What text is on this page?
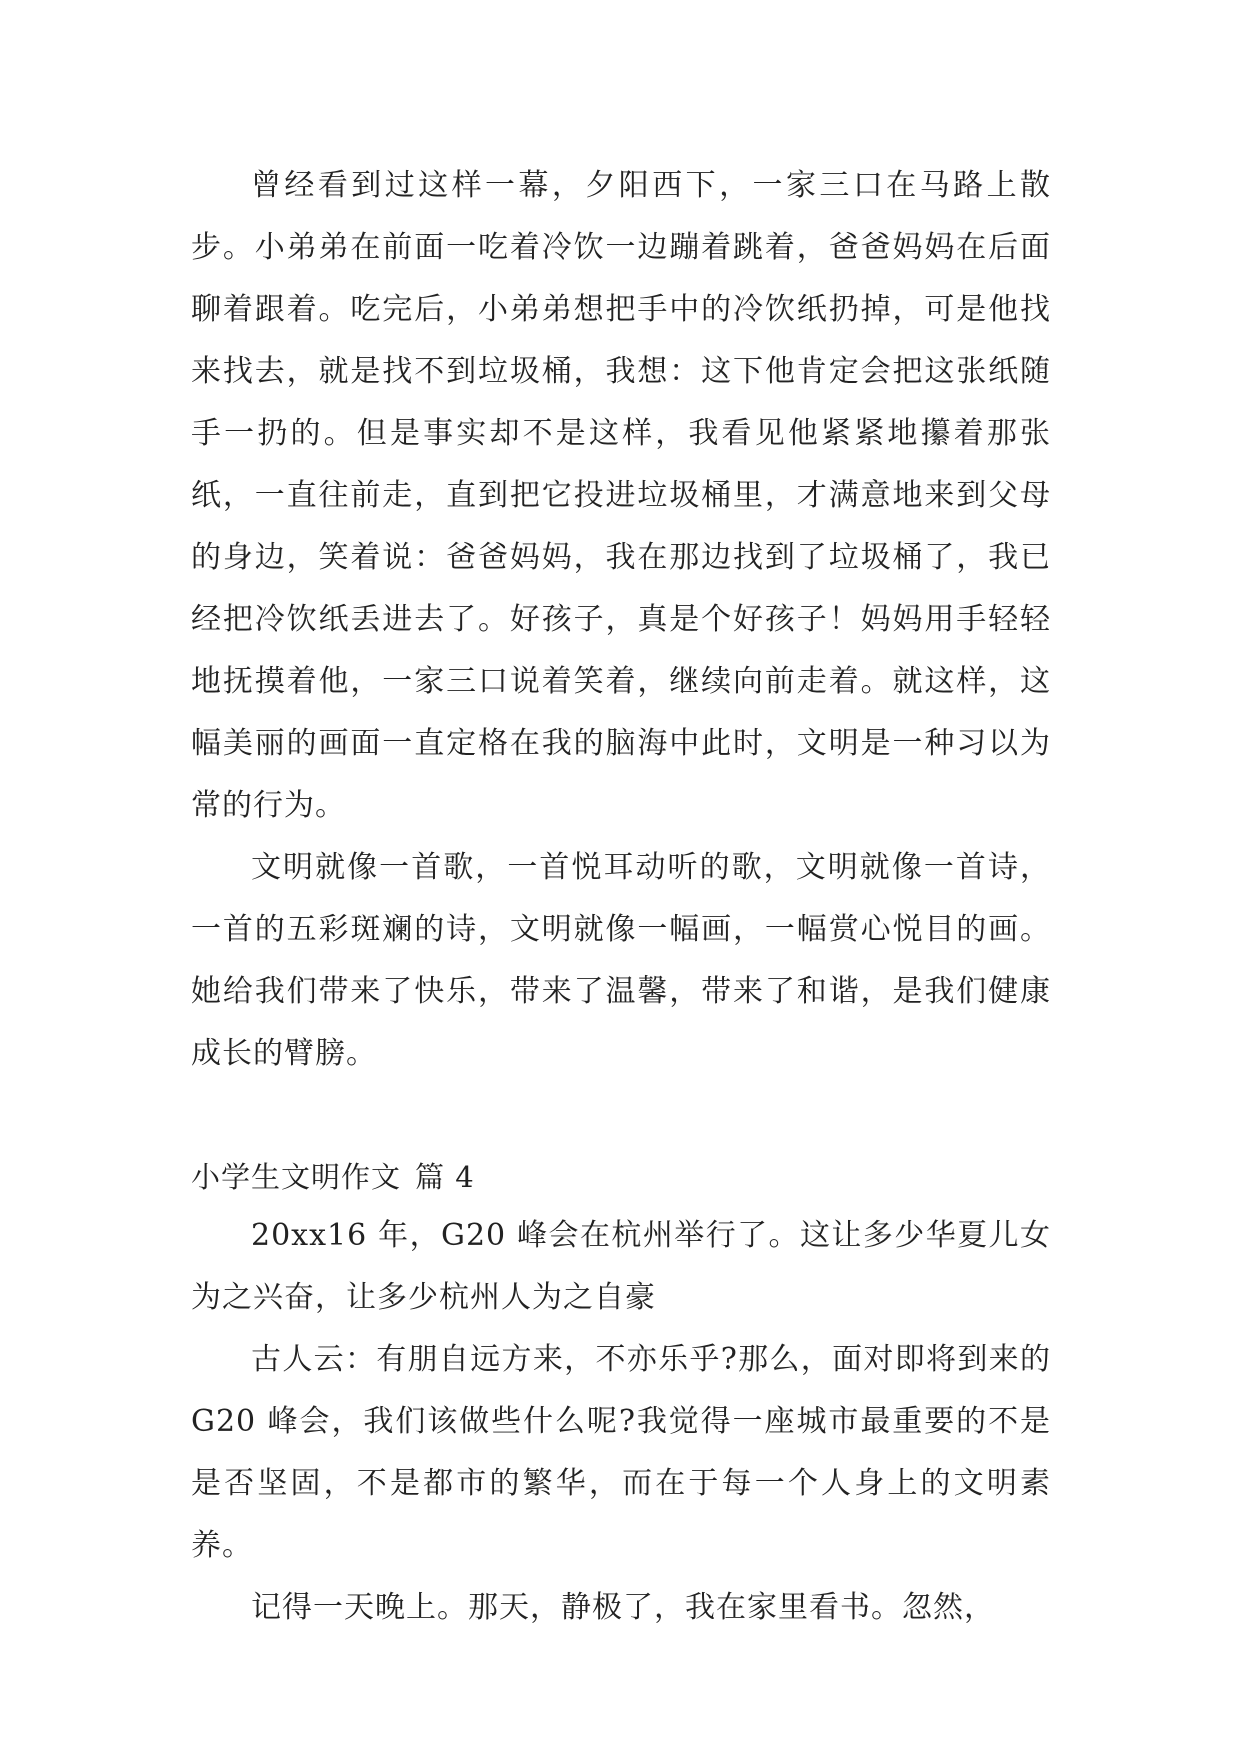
曾经看到过这样一幕，夕阳西下，一家三口在马路上散步。小弟弟在前面一吃着冷饮一边蹦着跳着，爸爸妈妈在后面聊着跟着。吃完后，小弟弟想把手中的冷饮纸扔掉，可是他找来找去，就是找不到垃圾桶，我想：这下他肯定会把这张纸随手一扔的。但是事实却不是这样，我看见他紧紧地攥着那张纸，一直往前走，直到把它投进垃圾桶里，才满意地来到父母的身边，笑着说：爸爸妈妈，我在那边找到了垃圾桶了，我已经把冷饮纸丢进去了。好孩子，真是个好孩子！妈妈用手轻轻地抚摸着他，一家三口说着笑着，继续向前走着。就这样，这幅美丽的画面一直定格在我的脑海中此时，文明是一种习以为常的行为。

文明就像一首歌，一首悦耳动听的歌，文明就像一首诗，一首的五彩斑斓的诗，文明就像一幅画，一幅赏心悦目的画。她给我们带来了快乐，带来了温馨，带来了和谐，是我们健康成长的臂膀。

小学生文明作文 篇 4

20xx16 年，G20 峰会在杭州举行了。这让多少华夏儿女为之兴奋，让多少杭州人为之自豪

古人云：有朋自远方来，不亦乐乎?那么，面对即将到来的 G20 峰会，我们该做些什么呢?我觉得一座城市最重要的不是是否坚固，不是都市的繁华，而在于每一个人身上的文明素养。

记得一天晚上。那天，静极了，我在家里看书。忽然，
